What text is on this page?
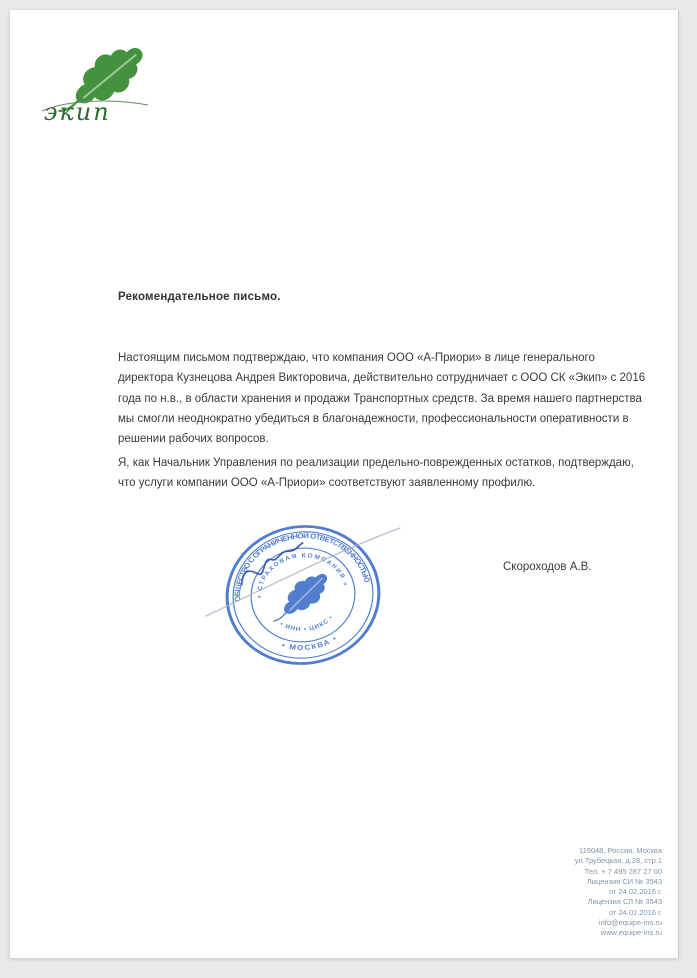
экип
Рекомендательное письмо.
Настоящим письмом подтверждаю, что компания ООО «А-Приори» в лице генерального
директора Кузнецова Андрея Викторовича, действительно сотрудничает с ООО СК «Экип» с 2016
года по н.в., в области хранения и продажи Транспортных средств. За время нашего партнерства
мы смогли неоднократно убедиться в благонадежности, профессиональности оперативности в
решении рабочих вопросов.
Я, как Начальник Управления по реализации предельно-поврежденных остатков, подтверждаю,
что услуги компании ООО «А-Приори» соответствуют заявленному профилю.
Скороходов А.В.
ОБЩЕСТВО С ОГРАНИЧЕННОЙ ОТВЕТСТВЕННОСТЬЮ
• МОСКВА •
« СТРАХОВАЯ КОМПАНИЯ »
• ИНН • ЦИКС •
119048, Россия, Москва
ул.Трубецкая, д.28, стр.1
Тел. + 7 495 287 27 00
Лицензия СИ № 3543
от 24.02.2016 г.
Лицензия СЛ № 3543
от 24.02.2016 г.
info@equipe-ins.ru
www.equipe-ins.ru
